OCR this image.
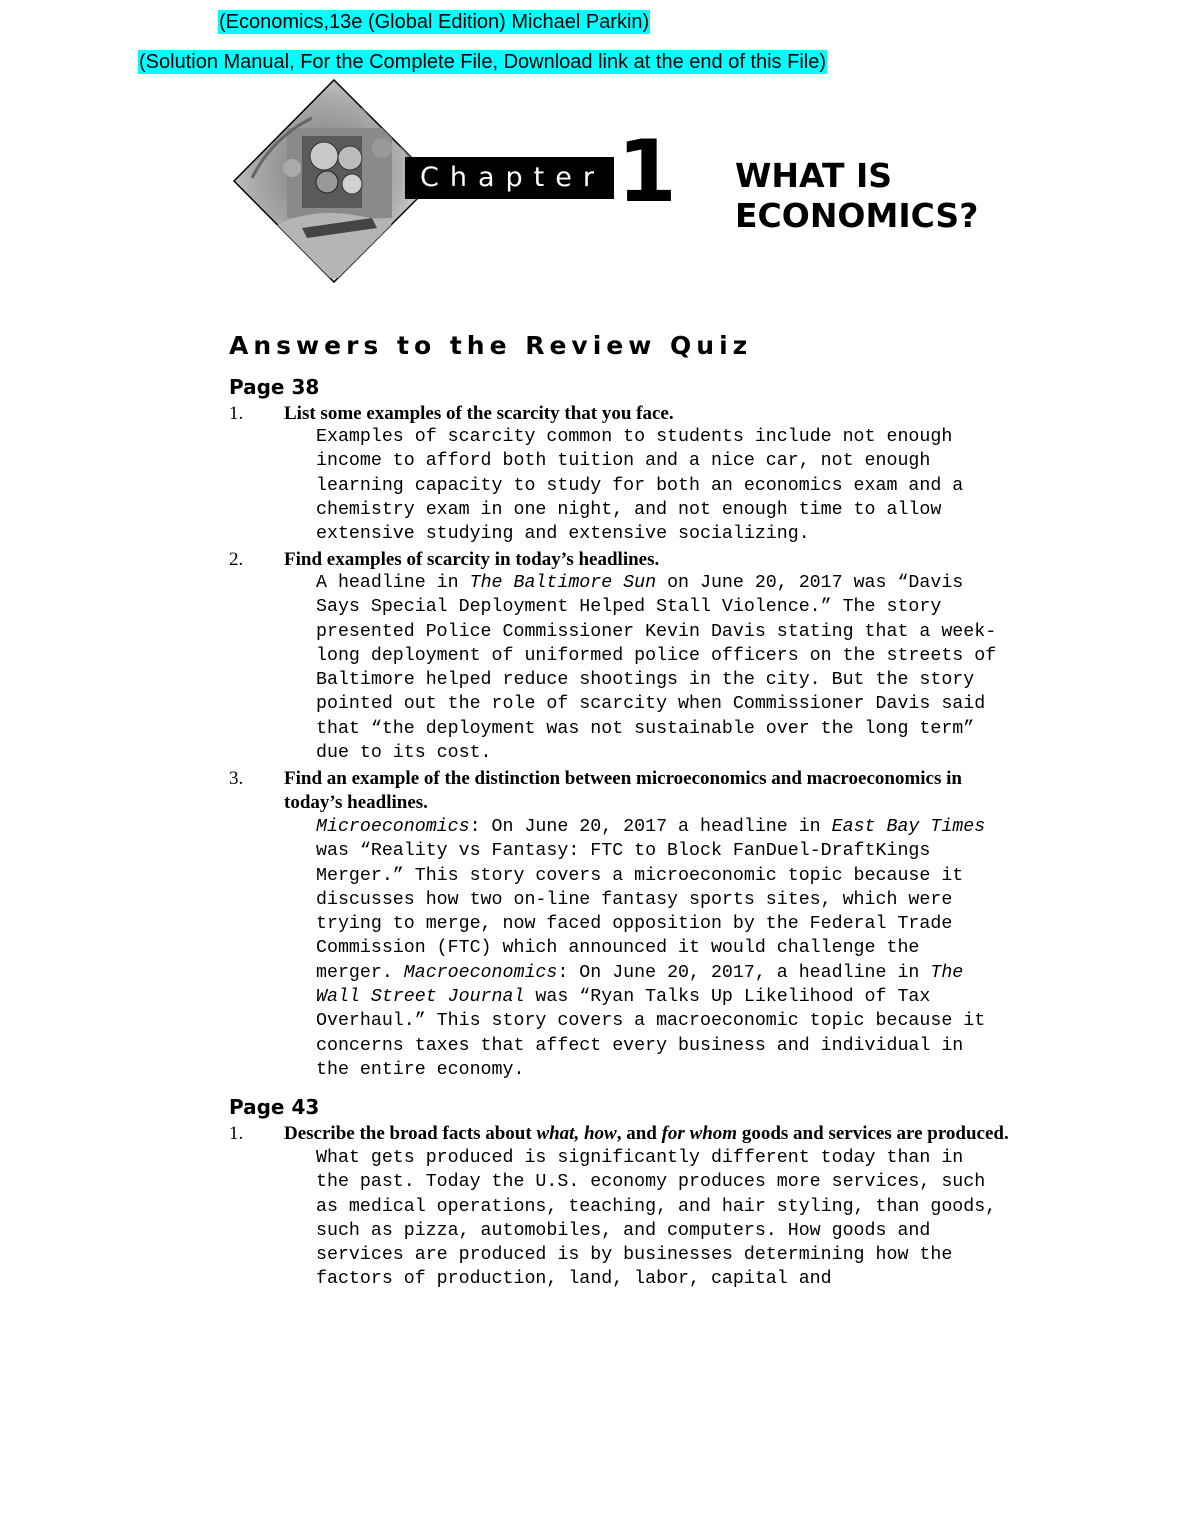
(Economics,13e (Global Edition) Michael Parkin)
(Solution Manual, For the Complete File, Download link at the end of this File)
Chapter 1 WHAT IS
ECONOMICS?
Answers to the Review Quiz
Page 38
1. List some examples of the scarcity that you face.
Examples of scarcity common to students include not enough
income to afford both tuition and a nice car, not enough
learning capacity to study for both an economics exam and a
chemistry exam in one night, and not enough time to allow
extensive studying and extensive socializing.
2. Find examples of scarcity in today’s headlines.
A headline in The Baltimore Sun on June 20, 2017 was “Davis
Says Special Deployment Helped Stall Violence.” The story
presented Police Commissioner Kevin Davis stating that a week-
long deployment of uniformed police officers on the streets of
Baltimore helped reduce shootings in the city. But the story
pointed out the role of scarcity when Commissioner Davis said
that “the deployment was not sustainable over the long term”
due to its cost.
3. Find an example of the distinction between microeconomics and macroeconomics in
today’s headlines.
Microeconomics: On June 20, 2017 a headline in East Bay Times
was “Reality vs Fantasy: FTC to Block FanDuel-DraftKings
Merger.” This story covers a microeconomic topic because it
discusses how two on-line fantasy sports sites, which were
trying to merge, now faced opposition by the Federal Trade
Commission (FTC) which announced it would challenge the
merger. Macroeconomics: On June 20, 2017, a headline in The
Wall Street Journal was “Ryan Talks Up Likelihood of Tax
Overhaul.” This story covers a macroeconomic topic because it
concerns taxes that affect every business and individual in
the entire economy.
Page 43
1. Describe the broad facts about what, how, and for whom goods and services are produced.
What gets produced is significantly different today than in
the past. Today the U.S. economy produces more services, such
as medical operations, teaching, and hair styling, than goods,
such as pizza, automobiles, and computers. How goods and
services are produced is by businesses determining how the
factors of production, land, labor, capital and
